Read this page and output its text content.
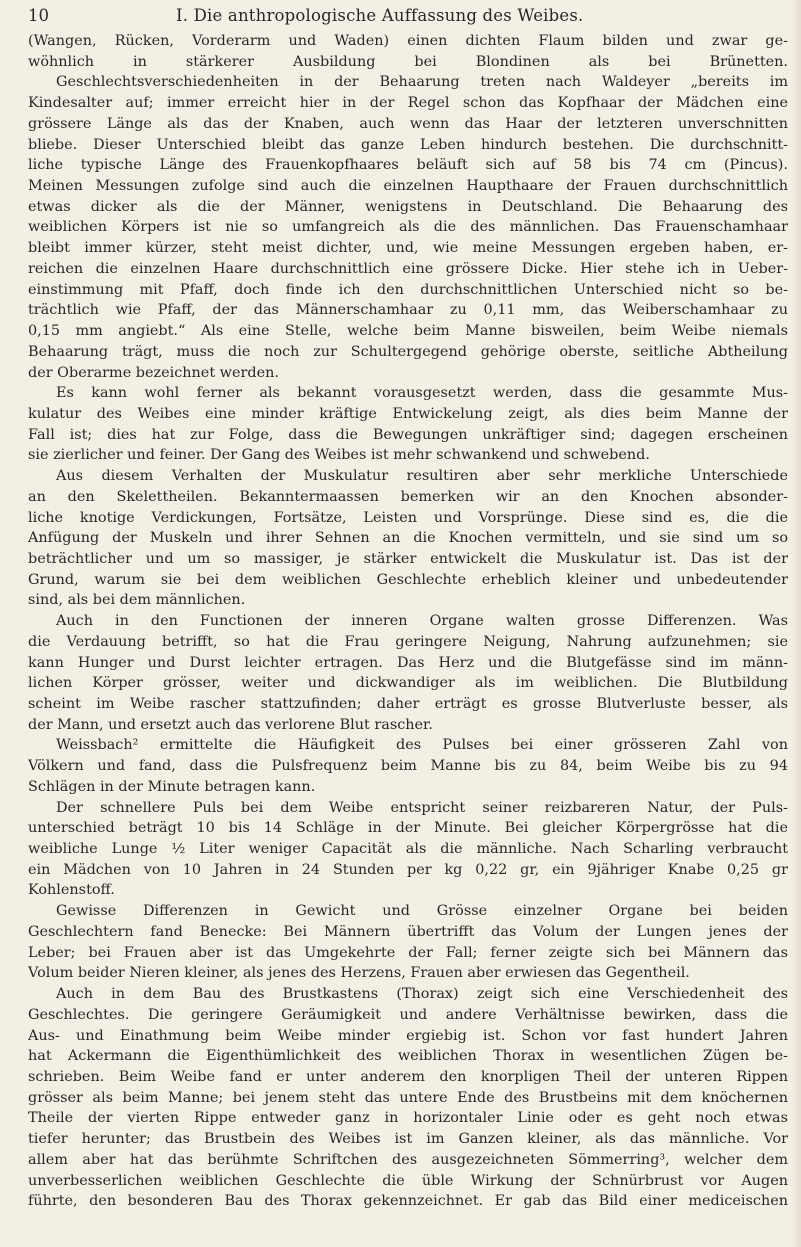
10	I. Die anthropologische Auffassung des Weibes.
(Wangen, Rücken, Vorderarm und Waden) einen dichten Flaum bilden und zwar ge-
wöhnlich in stärkerer Ausbildung bei Blondinen als bei Brünetten.
Geschlechtsverschiedenheiten in der Behaarung treten nach Waldeyer „bereits im
Kindesalter auf; immer erreicht hier in der Regel schon das Kopfhaar der Mädchen eine
grössere Länge als das der Knaben, auch wenn das Haar der letzteren unverschnitten
bliebe. Dieser Unterschied bleibt das ganze Leben hindurch bestehen. Die durchschnitt-
liche typische Länge des Frauenkopfhaares beläuft sich auf 58 bis 74 cm (Pincus).
Meinen Messungen zufolge sind auch die einzelnen Haupthaare der Frauen durchschnittlich
etwas dicker als die der Männer, wenigstens in Deutschland. Die Behaarung des
weiblichen Körpers ist nie so umfangreich als die des männlichen. Das Frauenschamhaar
bleibt immer kürzer, steht meist dichter, und, wie meine Messungen ergeben haben, er-
reichen die einzelnen Haare durchschnittlich eine grössere Dicke. Hier stehe ich in Ueber-
einstimmung mit Pfaff, doch finde ich den durchschnittlichen Unterschied nicht so be-
trächtlich wie Pfaff, der das Männerschamhaar zu 0,11 mm, das Weiberschamhaar zu
0,15 mm angiebt.“ Als eine Stelle, welche beim Manne bisweilen, beim Weibe niemals
Behaarung trägt, muss die noch zur Schultergegend gehörige oberste, seitliche Abtheilung
der Oberarme bezeichnet werden.
Es kann wohl ferner als bekannt vorausgesetzt werden, dass die gesammte Mus-
kulatur des Weibes eine minder kräftige Entwickelung zeigt, als dies beim Manne der
Fall ist; dies hat zur Folge, dass die Bewegungen unkräftiger sind; dagegen erscheinen
sie zierlicher und feiner. Der Gang des Weibes ist mehr schwankend und schwebend.
Aus diesem Verhalten der Muskulatur resultiren aber sehr merkliche Unterschiede
an den Skelettheilen. Bekanntermaassen bemerken wir an den Knochen absonder-
liche knotige Verdickungen, Fortsätze, Leisten und Vorsprünge. Diese sind es, die die
Anfügung der Muskeln und ihrer Sehnen an die Knochen vermitteln, und sie sind um so
beträchtlicher und um so massiger, je stärker entwickelt die Muskulatur ist. Das ist der
Grund, warum sie bei dem weiblichen Geschlechte erheblich kleiner und unbedeutender
sind, als bei dem männlichen.
Auch in den Functionen der inneren Organe walten grosse Differenzen. Was
die Verdauung betrifft, so hat die Frau geringere Neigung, Nahrung aufzunehmen; sie
kann Hunger und Durst leichter ertragen. Das Herz und die Blutgefässe sind im männ-
lichen Körper grösser, weiter und dickwandiger als im weiblichen. Die Blutbildung
scheint im Weibe rascher stattzufinden; daher erträgt es grosse Blutverluste besser, als
der Mann, und ersetzt auch das verlorene Blut rascher.
Weissbach² ermittelte die Häufigkeit des Pulses bei einer grösseren Zahl von
Völkern und fand, dass die Pulsfrequenz beim Manne bis zu 84, beim Weibe bis zu 94
Schlägen in der Minute betragen kann.
Der schnellere Puls bei dem Weibe entspricht seiner reizbareren Natur, der Puls-
unterschied beträgt 10 bis 14 Schläge in der Minute. Bei gleicher Körpergrösse hat die
weibliche Lunge ½ Liter weniger Capacität als die männliche. Nach Scharling verbraucht
ein Mädchen von 10 Jahren in 24 Stunden per kg 0,22 gr, ein 9jähriger Knabe 0,25 gr
Kohlenstoff.
Gewisse Differenzen in Gewicht und Grösse einzelner Organe bei beiden
Geschlechtern fand Benecke: Bei Männern übertrifft das Volum der Lungen jenes der
Leber; bei Frauen aber ist das Umgekehrte der Fall; ferner zeigte sich bei Männern das
Volum beider Nieren kleiner, als jenes des Herzens, Frauen aber erwiesen das Gegentheil.
Auch in dem Bau des Brustkastens (Thorax) zeigt sich eine Verschiedenheit des
Geschlechtes. Die geringere Geräumigkeit und andere Verhältnisse bewirken, dass die
Aus- und Einathmung beim Weibe minder ergiebig ist. Schon vor fast hundert Jahren
hat Ackermann die Eigenthümlichkeit des weiblichen Thorax in wesentlichen Zügen be-
schrieben. Beim Weibe fand er unter anderem den knorpligen Theil der unteren Rippen
grösser als beim Manne; bei jenem steht das untere Ende des Brustbeins mit dem knöchernen
Theile der vierten Rippe entweder ganz in horizontaler Linie oder es geht noch etwas
tiefer herunter; das Brustbein des Weibes ist im Ganzen kleiner, als das männliche. Vor
allem aber hat das berühmte Schriftchen des ausgezeichneten Sömmerring³, welcher dem
unverbesserlichen weiblichen Geschlechte die üble Wirkung der Schnürbrust vor Augen
führte, den besonderen Bau des Thorax gekennzeichnet. Er gab das Bild einer mediceischen
